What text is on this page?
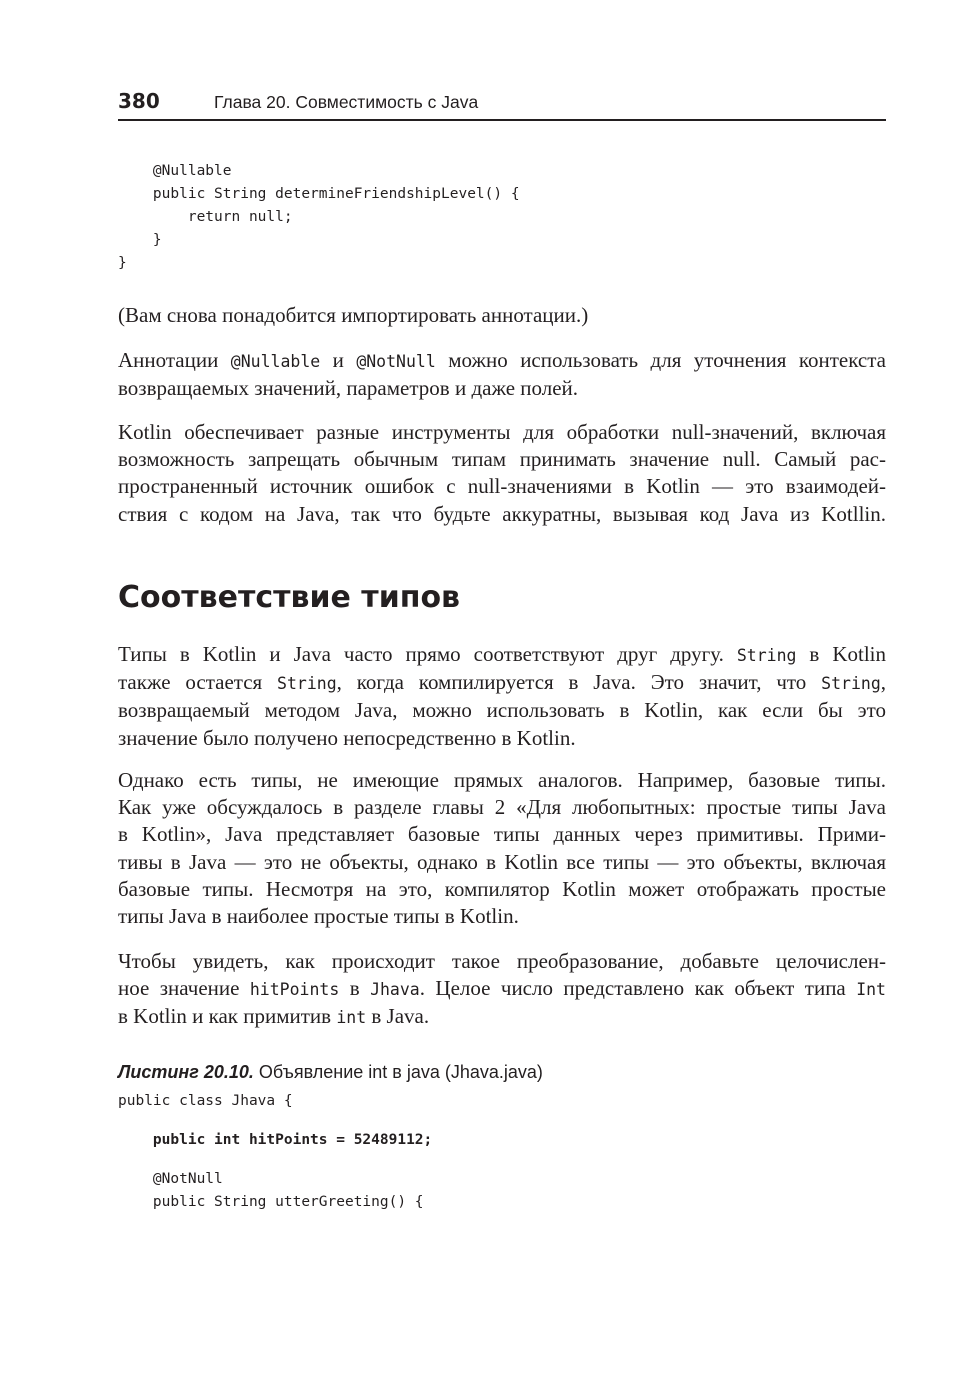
380	Глава 20. Совместимость с Java
@Nullable
public String determineFriendshipLevel() {
return null;
}
}

(Вам снова понадобится импортировать аннотации.)

Аннотации @Nullable и @NotNull можно использовать для уточнения контекста
возвращаемых значений, параметров и даже полей.

Kotlin обеспечивает разные инструменты для обработки null-значений, включая
возможность запрещать обычным типам принимать значение null. Самый рас-
пространенный источник ошибок с null-значениями в Kotlin — это взаимодей-
ствия с кодом на Java, так что будьте аккуратны, вызывая код Java из Kotllin.

Соответствие типов

Типы в Kotlin и Java часто прямо соответствуют друг другу. String в Kotlin
также остается String, когда компилируется в Java. Это значит, что String,
возвращаемый методом Java, можно использовать в Kotlin, как если бы это
значение было получено непосредственно в Kotlin.

Однако есть типы, не имеющие прямых аналогов. Например, базовые типы.
Как уже обсуждалось в разделе главы 2 «Для любопытных: простые типы Java
в Kotlin», Java представляет базовые типы данных через примитивы. Прими-
тивы в Java — это не объекты, однако в Kotlin все типы — это объекты, включая
базовые типы. Несмотря на это, компилятор Kotlin может отображать простые
типы Java в наиболее простые типы в Kotlin.

Чтобы увидеть, как происходит такое преобразование, добавьте целочислен-
ное значение hitPoints в Jhava. Целое число представлено как объект типа Int
в Kotlin и как примитив int в Java.

Листинг 20.10. Объявление int в java (Jhava.java)
public class Jhava {
public int hitPoints = 52489112;
@NotNull
public String utterGreeting() {
